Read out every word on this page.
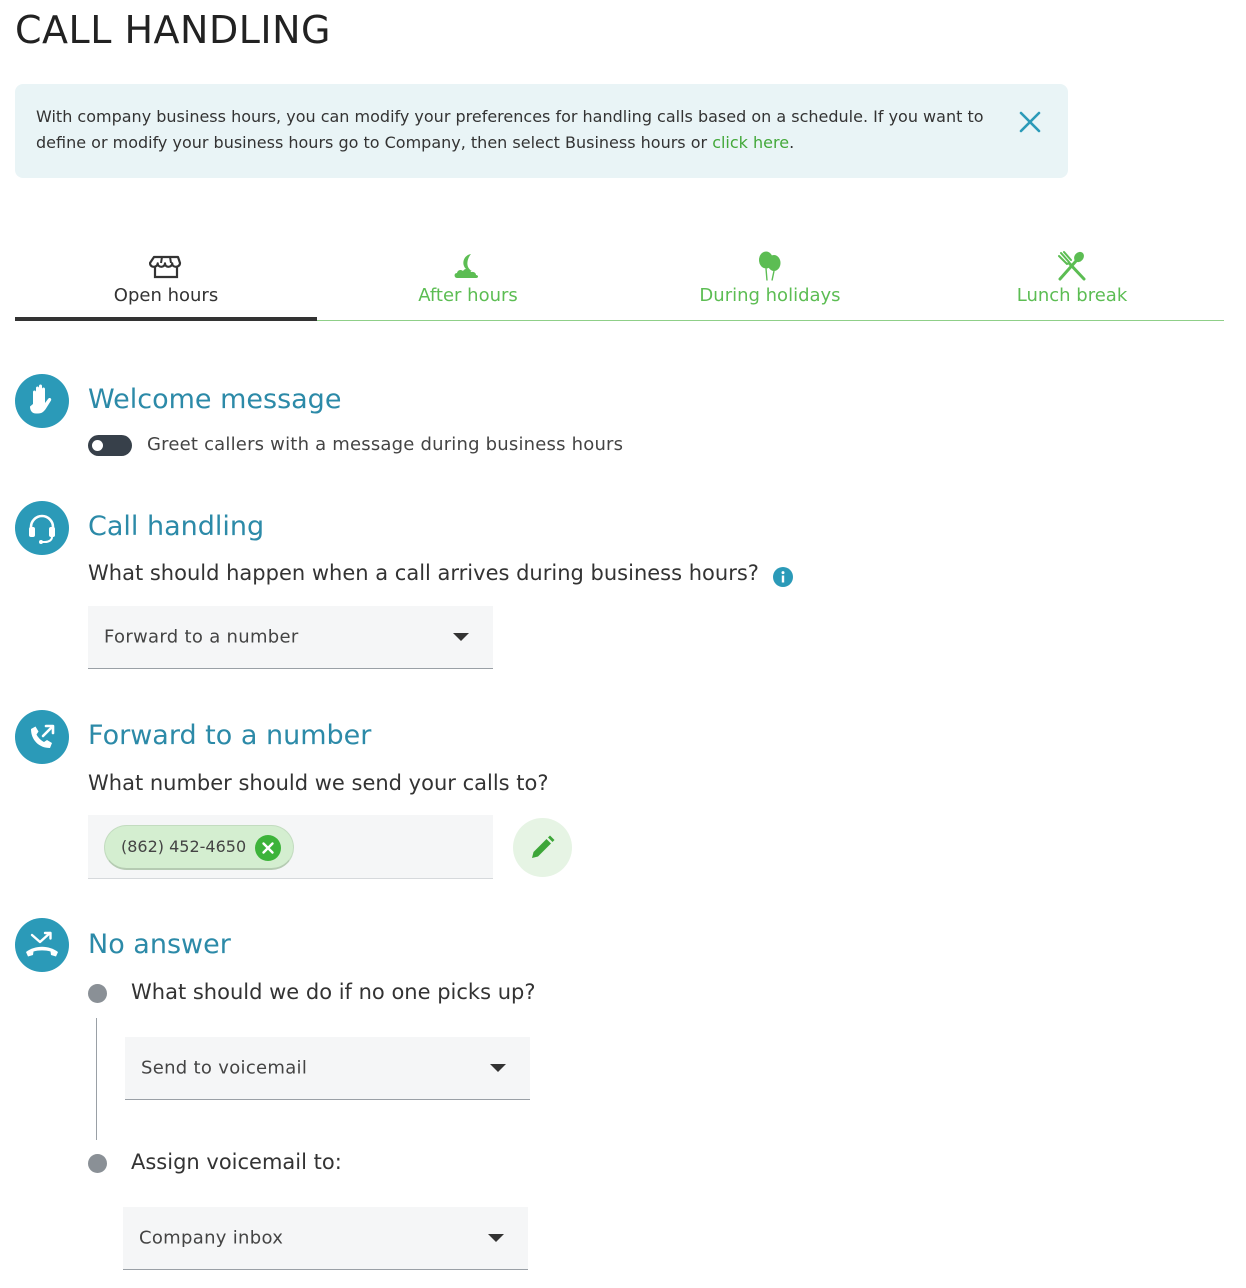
CALL HANDLING
With company business hours, you can modify your preferences for handling calls based on a schedule. If you want to define or modify your business hours go to Company, then select Business hours or click here.
Open hours	After hours	During holidays	Lunch break
Welcome message
Greet callers with a message during business hours
Call handling
What should happen when a call arrives during business hours?
Forward to a number
Forward to a number
What number should we send your calls to?
(862) 452-4650
No answer
What should we do if no one picks up?
Send to voicemail
Assign voicemail to:
Company inbox
